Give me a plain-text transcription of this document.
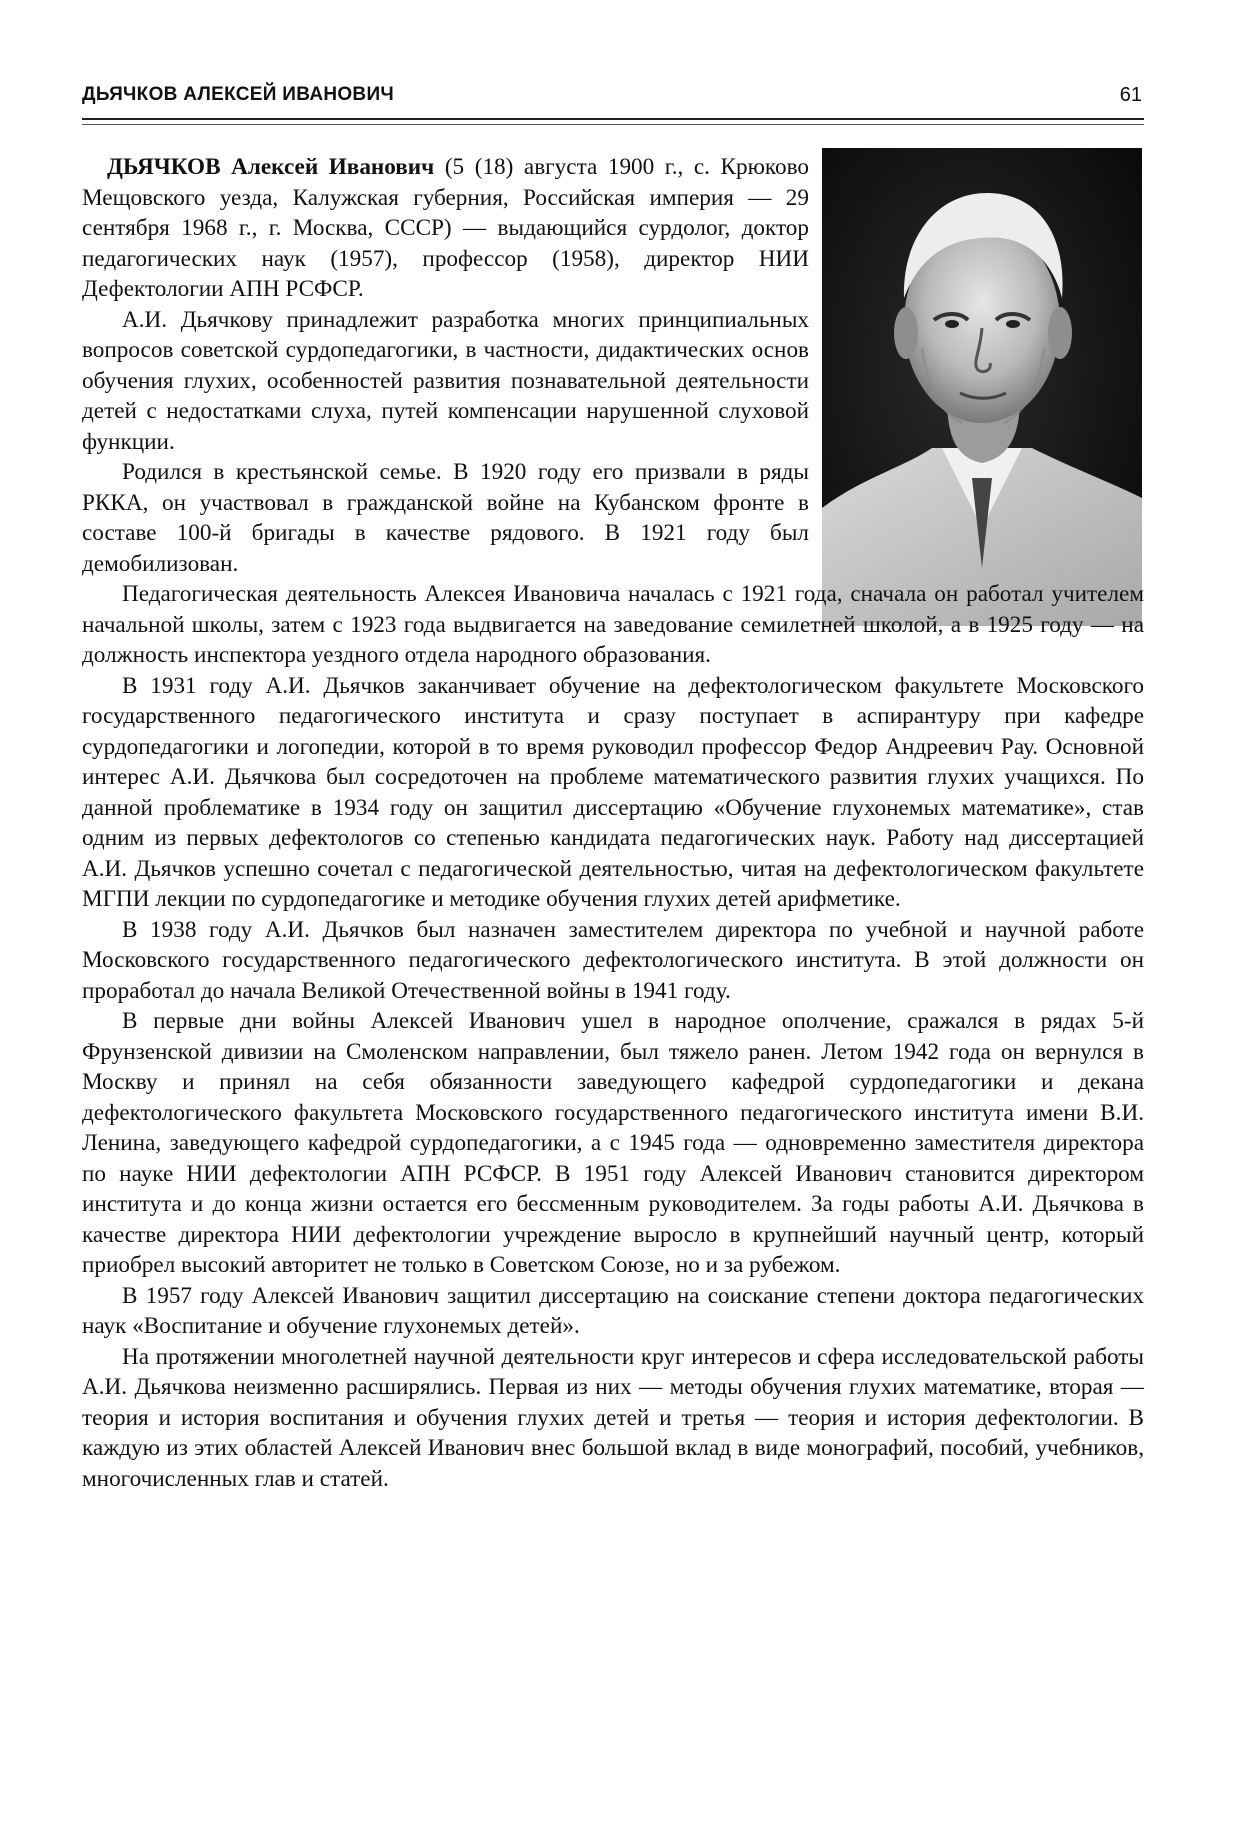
ДЬЯЧКОВ АЛЕКСЕЙ ИВАНОВИЧ	61

ДЬЯЧКОВ Алексей Иванович (5 (18) августа 1900 г., с. Крюково Мещовского уезда, Калужская губерния, Российская империя — 29 сентября 1968 г., г. Москва, СССР) — выдающийся сурдолог, доктор педагогических наук (1957), профессор (1958), директор НИИ Дефектологии АПН РСФСР.

А.И. Дьячкову принадлежит разработка многих принципиальных вопросов советской сурдопедагогики, в частности, дидактических основ обучения глухих, особенностей развития познавательной деятельности детей с недостатками слуха, путей компенсации нарушенной слуховой функции.

Родился в крестьянской семье. В 1920 году его призвали в ряды РККА, он участвовал в гражданской войне на Кубанском фронте в составе 100-й бригады в качестве рядового. В 1921 году был демобилизован.

Педагогическая деятельность Алексея Ивановича началась с 1921 года, сначала он работал учителем начальной школы, затем с 1923 года выдвигается на заведование семилетней школой, а в 1925 году — на должность инспектора уездного отдела народного образования.

В 1931 году А.И. Дьячков заканчивает обучение на дефектологическом факультете Московского государственного педагогического института и сразу поступает в аспирантуру при кафедре сурдопедагогики и логопедии, которой в то время руководил профессор Федор Андреевич Рау. Основной интерес А.И. Дьячкова был сосредоточен на проблеме математического развития глухих учащихся. По данной проблематике в 1934 году он защитил диссертацию «Обучение глухонемых математике», став одним из первых дефектологов со степенью кандидата педагогических наук. Работу над диссертацией А.И. Дьячков успешно сочетал с педагогической деятельностью, читая на дефектологическом факультете МГПИ лекции по сурдопедагогике и методике обучения глухих детей арифметике.

В 1938 году А.И. Дьячков был назначен заместителем директора по учебной и научной работе Московского государственного педагогического дефектологического института. В этой должности он проработал до начала Великой Отечественной войны в 1941 году.

В первые дни войны Алексей Иванович ушел в народное ополчение, сражался в рядах 5-й Фрунзенской дивизии на Смоленском направлении, был тяжело ранен. Летом 1942 года он вернулся в Москву и принял на себя обязанности заведующего кафедрой сурдопедагогики и декана дефектологического факультета Московского государственного педагогического института имени В.И. Ленина, заведующего кафедрой сурдопедагогики, а с 1945 года — одновременно заместителя директора по науке НИИ дефектологии АПН РСФСР. В 1951 году Алексей Иванович становится директором института и до конца жизни остается его бессменным руководителем. За годы работы А.И. Дьячкова в качестве директора НИИ дефектологии учреждение выросло в крупнейший научный центр, который приобрел высокий авторитет не только в Советском Союзе, но и за рубежом.

В 1957 году Алексей Иванович защитил диссертацию на соискание степени доктора педагогических наук «Воспитание и обучение глухонемых детей».

На протяжении многолетней научной деятельности круг интересов и сфера исследовательской работы А.И. Дьячкова неизменно расширялись. Первая из них — методы обучения глухих математике, вторая — теория и история воспитания и обучения глухих детей и третья — теория и история дефектологии. В каждую из этих областей Алексей Иванович внес большой вклад в виде монографий, пособий, учебников, многочисленных глав и статей.
